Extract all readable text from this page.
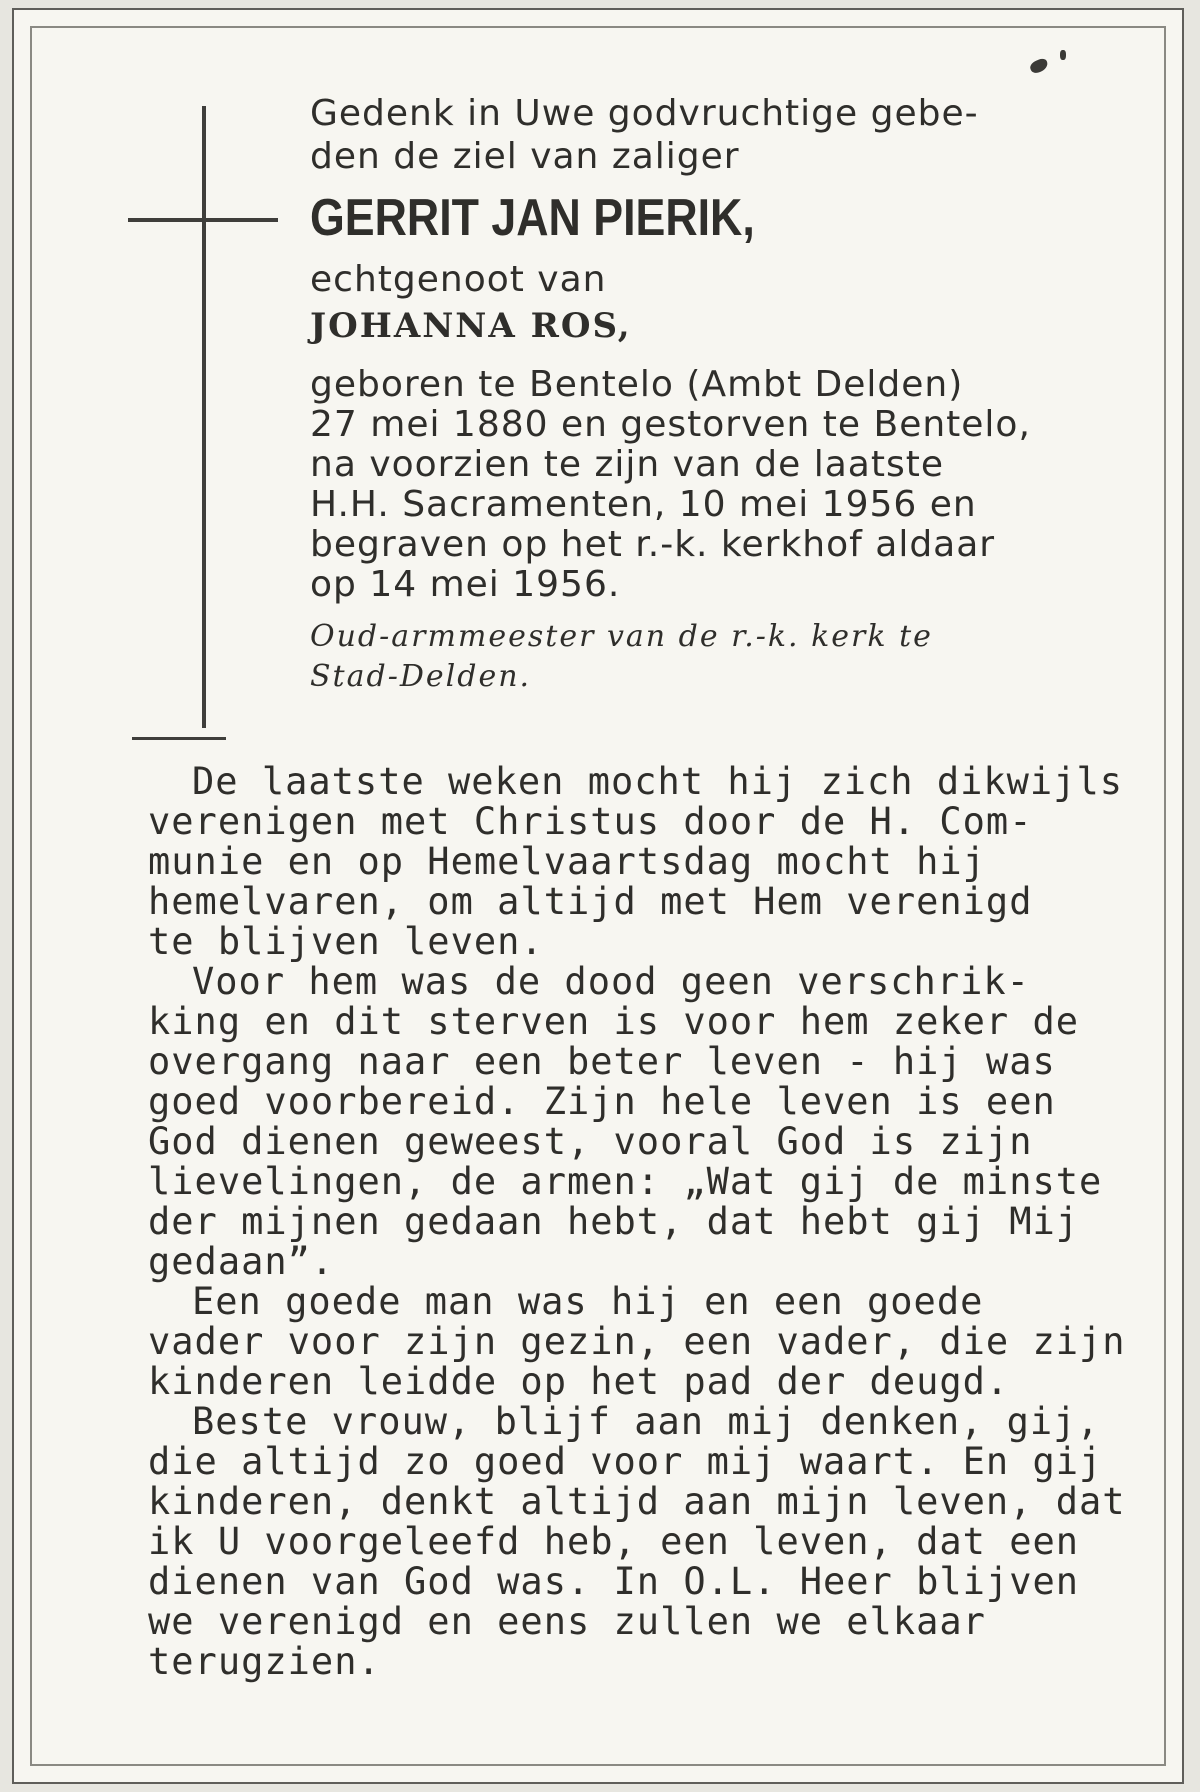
Gedenk in Uwe godvruchtige gebe-
den de ziel van zaliger
GERRIT JAN PIERIK,
echtgenoot van
JOHANNA ROS,
geboren te Bentelo (Ambt Delden)
27 mei 1880 en gestorven te Bentelo,
na voorzien te zijn van de laatste
H.H. Sacramenten, 10 mei 1956 en
begraven op het r.-k. kerkhof aldaar
op 14 mei 1956.
Oud-armmeester van de r.-k. kerk te
Stad-Delden.
De laatste weken mocht hij zich dikwijls
verenigen met Christus door de H. Com-
munie en op Hemelvaartsdag mocht hij
hemelvaren, om altijd met Hem verenigd
te blijven leven.
Voor hem was de dood geen verschrik-
king en dit sterven is voor hem zeker de
overgang naar een beter leven - hij was
goed voorbereid. Zijn hele leven is een
God dienen geweest, vooral God is zijn
lievelingen, de armen: „Wat gij de minste
der mijnen gedaan hebt, dat hebt gij Mij
gedaan”.
Een goede man was hij en een goede
vader voor zijn gezin, een vader, die zijn
kinderen leidde op het pad der deugd.
Beste vrouw, blijf aan mij denken, gij,
die altijd zo goed voor mij waart. En gij
kinderen, denkt altijd aan mijn leven, dat
ik U voorgeleefd heb, een leven, dat een
dienen van God was. In O.L. Heer blijven
we verenigd en eens zullen we elkaar
terugzien.
